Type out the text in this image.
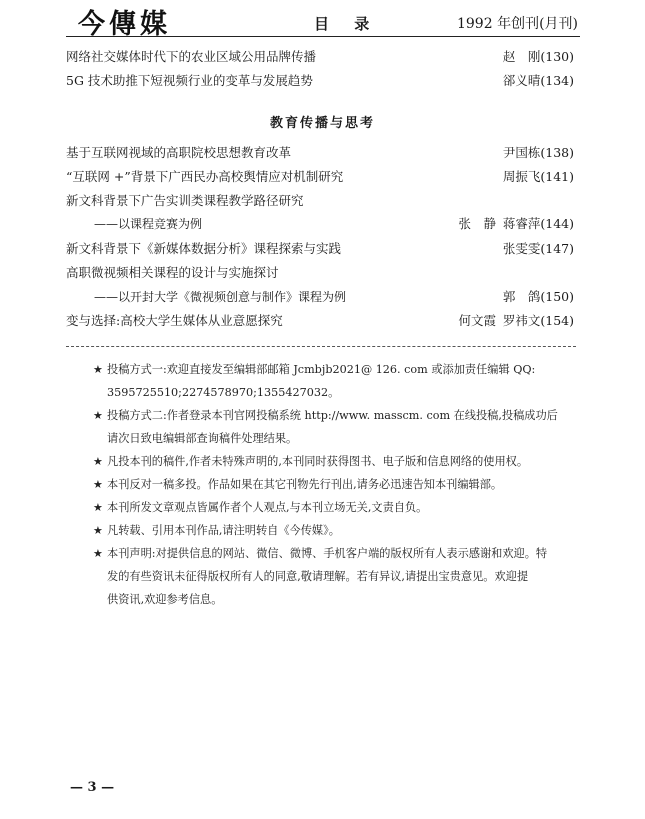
今傳媒	目 录	1992 年创刊(月刊)
网络社交媒体时代下的农业区域公用品牌传播	赵　刚(130)
5G 技术助推下短视频行业的变革与发展趋势	郤义晴(134)
教育传播与思考
基于互联网视域的高职院校思想教育改革	尹国栋(138)
“互联网 +”背景下广西民办高校舆情应对机制研究	周振飞(141)
新文科背景下广告实训类课程教学路径研究
——以课程竞赛为例	张　静 蒋睿萍(144)
新文科背景下《新媒体数据分析》课程探索与实践	张雯雯(147)
高职微视频相关课程的设计与实施探讨
——以开封大学《微视频创意与制作》课程为例	郭　鸽(150)
变与选择:高校大学生媒体从业意愿探究	何文霞 罗祎文(154)
★ 投稿方式一:欢迎直接发至编辑部邮箱 Jcmbjb2021@ 126. com 或添加责任编辑 QQ:
3595725510;2274578970;1355427032。
★ 投稿方式二:作者登录本刊官网投稿系统 http://www. masscm. com 在线投稿,投稿成功后
请次日致电编辑部查询稿件处理结果。
★ 凡投本刊的稿件,作者未特殊声明的,本刊同时获得图书、电子版和信息网络的使用权。
★ 本刊反对一稿多投。作品如果在其它刊物先行刊出,请务必迅速告知本刊编辑部。
★ 本刊所发文章观点皆属作者个人观点,与本刊立场无关,文责自负。
★ 凡转载、引用本刊作品,请注明转自《今传媒》。
★ 本刊声明:对提供信息的网站、微信、微博、手机客户端的版权所有人表示感谢和欢迎。特
发的有些资讯未征得版权所有人的同意,敬请理解。若有异议,请提出宝贵意见。欢迎提
供资讯,欢迎参考信息。
— 3 —
